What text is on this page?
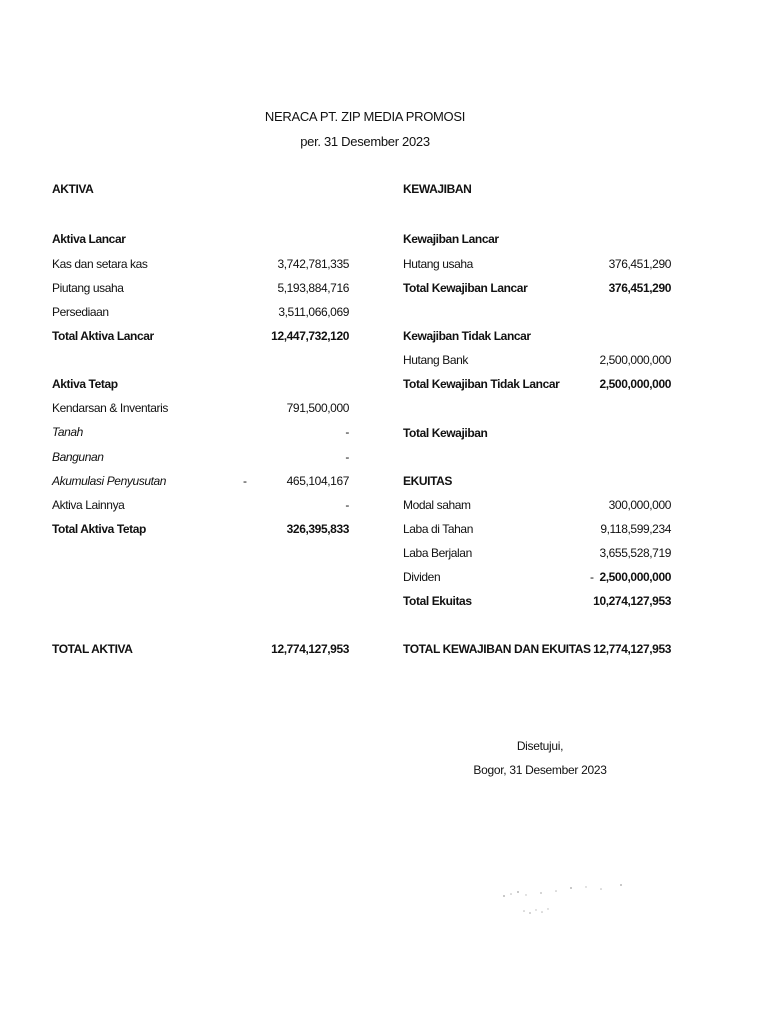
NERACA PT. ZIP MEDIA PROMOSI
per. 31 Desember 2023
AKTIVA
Aktiva Lancar
Kas dan setara kas	3,742,781,335
Piutang usaha	5,193,884,716
Persediaan	3,511,066,069
Total Aktiva Lancar	12,447,732,120
Aktiva Tetap
Kendarsan & Inventaris	791,500,000
Tanah	-
Bangunan	-
Akumulasi Penyusutan	-	465,104,167
Aktiva Lainnya	-
Total Aktiva Tetap	326,395,833
TOTAL AKTIVA	12,774,127,953
KEWAJIBAN
Kewajiban Lancar
Hutang usaha	376,451,290
Total Kewajiban Lancar	376,451,290
Kewajiban Tidak Lancar
Hutang Bank	2,500,000,000
Total Kewajiban Tidak Lancar	2,500,000,000
Total Kewajiban
EKUITAS
Modal saham	300,000,000
Laba di Tahan	9,118,599,234
Laba Berjalan	3,655,528,719
Dividen	- 2,500,000,000
Total Ekuitas	10,274,127,953
TOTAL KEWAJIBAN DAN EKUITAS 12,774,127,953
Disetujui,
Bogor, 31 Desember 2023
